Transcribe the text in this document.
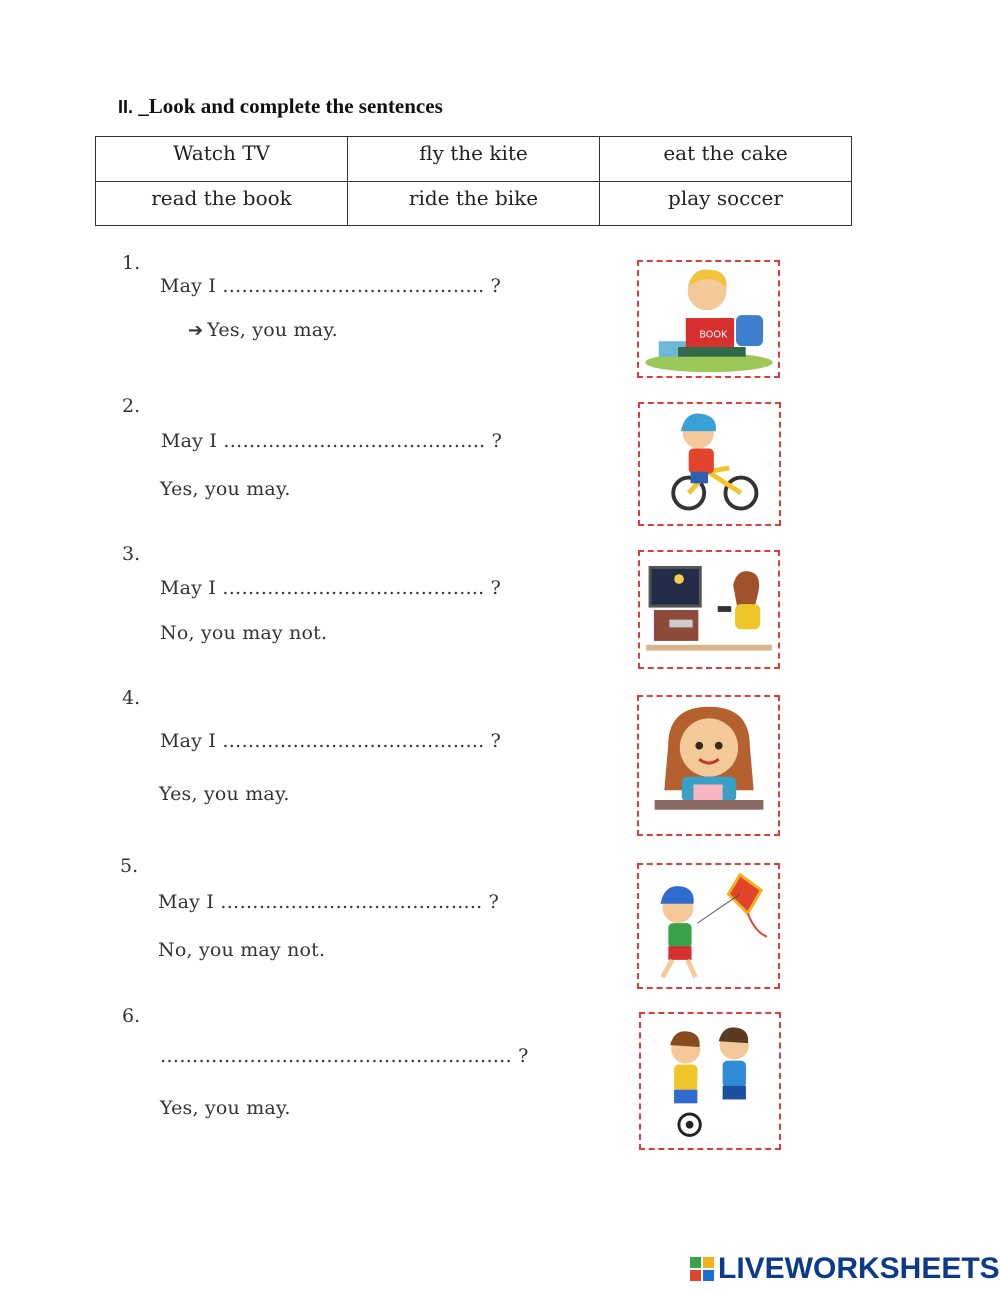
II. _Look and complete the sentences
Watch TV	fly the kite	eat the cake
read the book	ride the bike	play soccer
1.
May I ………………………………….. ?
➔ Yes, you may.	BOOK
2.
May I ………………………………….. ?
Yes, you may.
3.
May I ………………………………….. ?
No, you may not.
4.
May I ………………………………….. ?
Yes, you may.
5.
May I ………………………………….. ?
No, you may not.
6.
………………………………………………. ?
Yes, you may.
LIVEWORKSHEETS
